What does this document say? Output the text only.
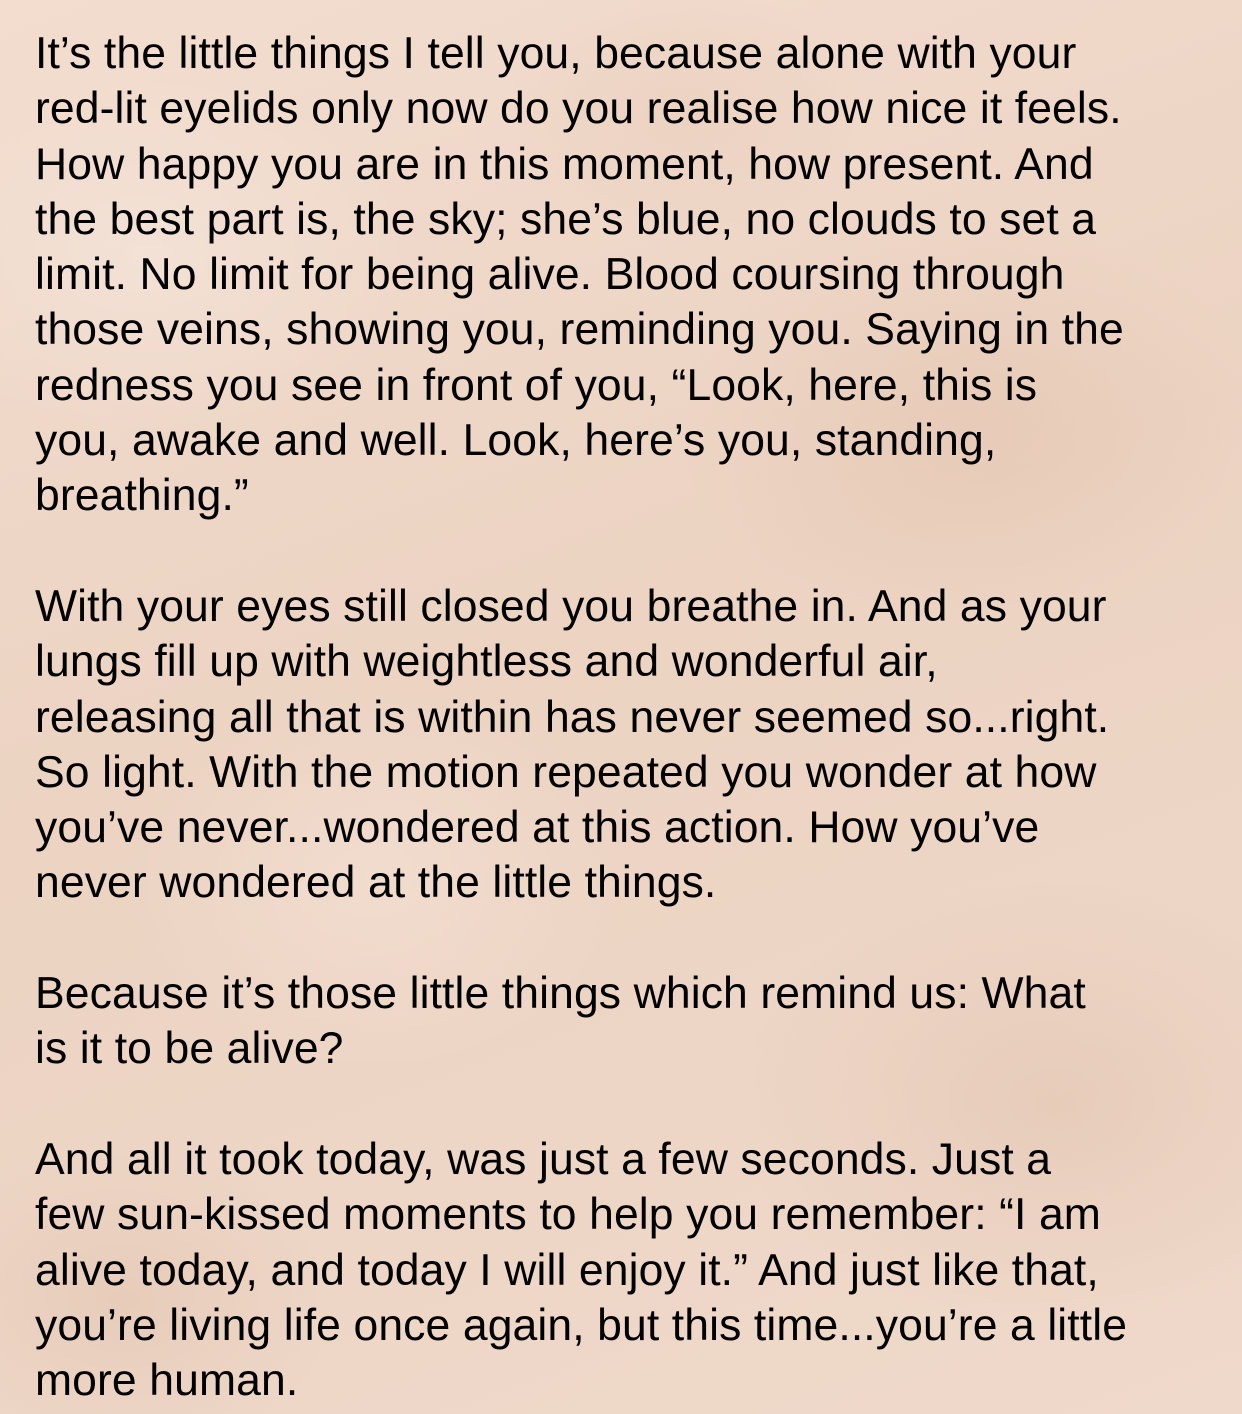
It’s the little things I tell you, because alone with your
red-lit eyelids only now do you realise how nice it feels.
How happy you are in this moment, how present. And
the best part is, the sky; she’s blue, no clouds to set a
limit. No limit for being alive. Blood coursing through
those veins, showing you, reminding you. Saying in the
redness you see in front of you, “Look, here, this is
you, awake and well. Look, here’s you, standing,
breathing.”
With your eyes still closed you breathe in. And as your
lungs fill up with weightless and wonderful air,
releasing all that is within has never seemed so...right.
So light. With the motion repeated you wonder at how
you’ve never...wondered at this action. How you’ve
never wondered at the little things.
Because it’s those little things which remind us: What
is it to be alive?
And all it took today, was just a few seconds. Just a
few sun-kissed moments to help you remember: “I am
alive today, and today I will enjoy it.” And just like that,
you’re living life once again, but this time...you’re a little
more human.
